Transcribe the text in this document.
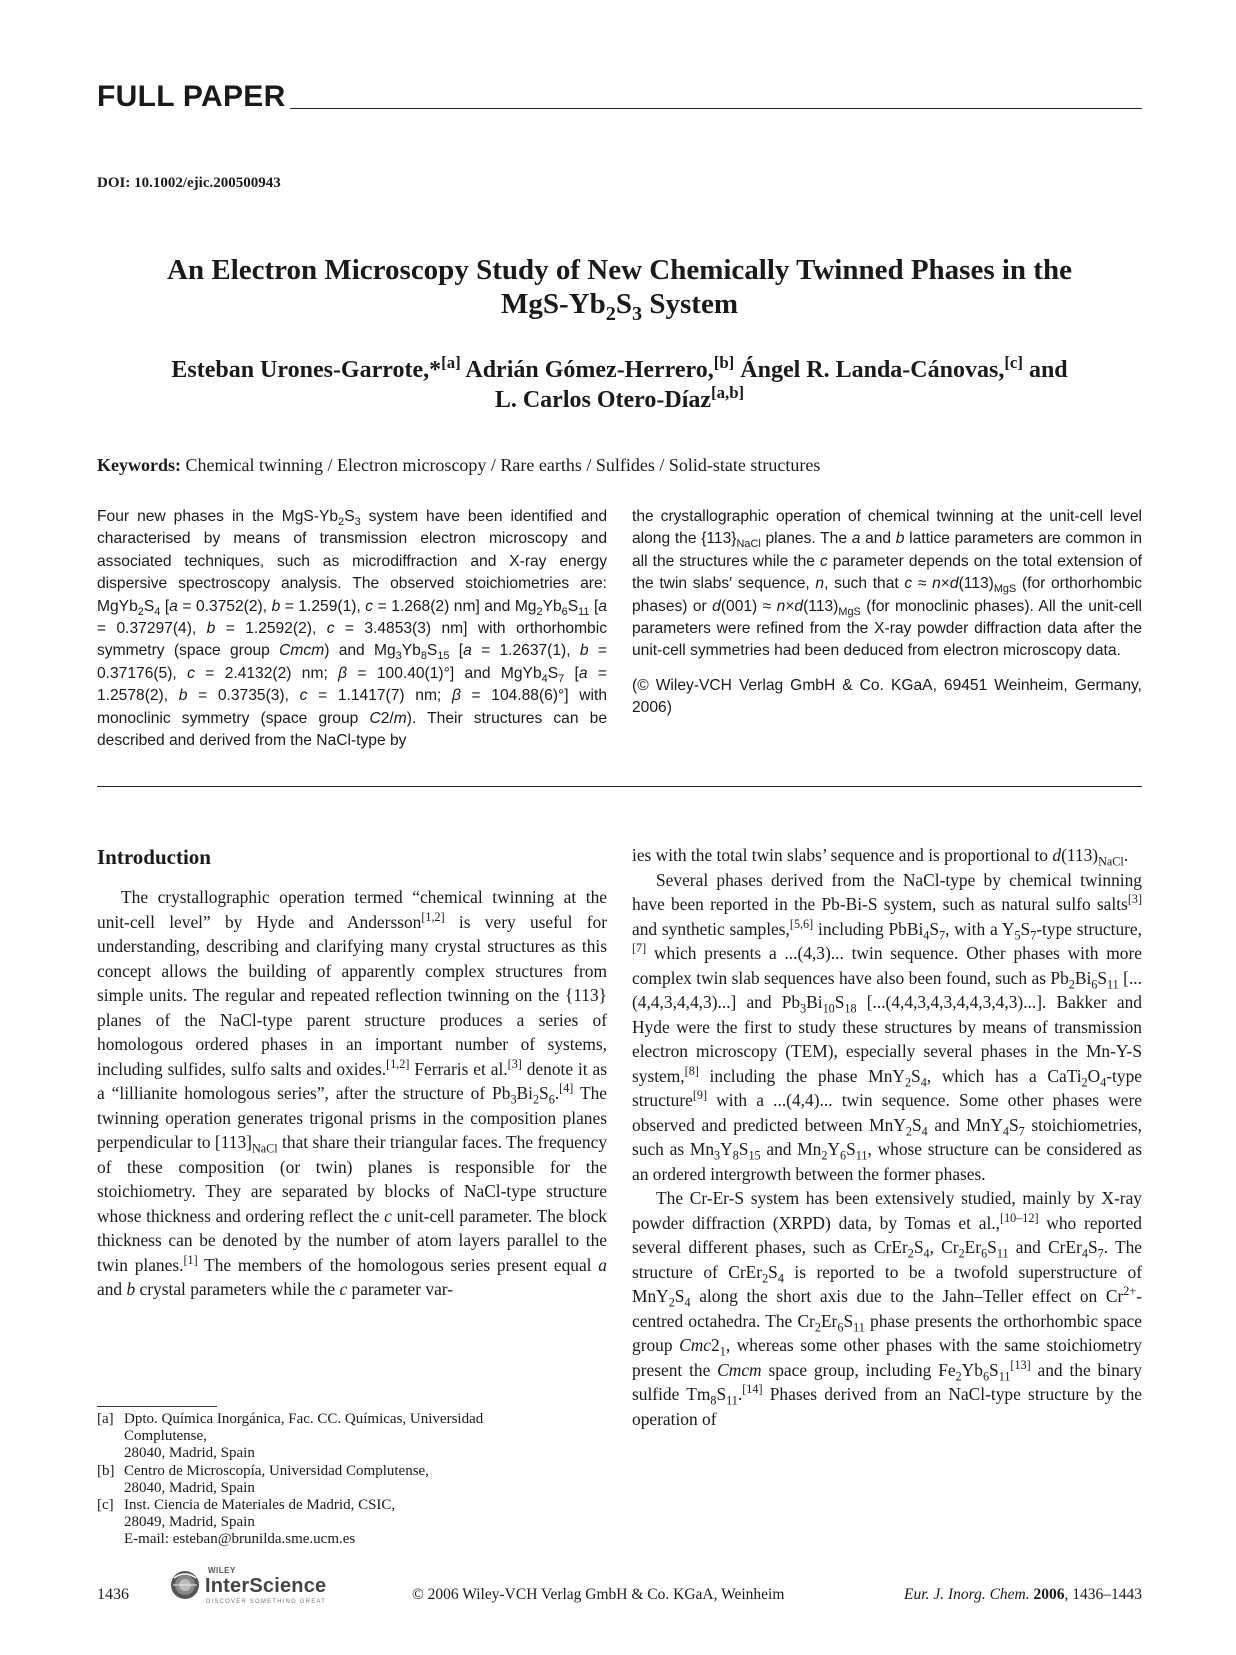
FULL PAPER
DOI: 10.1002/ejic.200500943
An Electron Microscopy Study of New Chemically Twinned Phases in the
MgS-$Yb_2S_3$ System
Esteban Urones-Garrote,*[a] Adrián Gómez-Herrero,[b] Ángel R. Landa-Cánovas,[c] and
L. Carlos Otero-Díaz[a,b]
Keywords: Chemical twinning / Electron microscopy / Rare earths / Sulfides / Solid-state structures
Four new phases in the MgS-$Yb_2S_3$ system have been identified and characterised by means of transmission electron microscopy and associated techniques, such as microdiffraction and X-ray energy dispersive spectroscopy analysis. The observed stoichiometries are: $MgYb_2S_4$ [a = 0.3752(2), b = 1.259(1), c = 1.268(2) nm] and $Mg_2Yb_6S_{11}$ [a = 0.37297(4), b = 1.2592(2), c = 3.4853(3) nm] with orthorhombic symmetry (space group Cmcm) and $Mg_3Yb_8S_{15}$ [a = 1.2637(1), b = 0.37176(5), c = 2.4132(2) nm; β = 100.40(1)°] and $MgYb_4S_7$ [a = 1.2578(2), b = 0.3735(3), c = 1.1417(7) nm; β = 104.88(6)°] with monoclinic symmetry (space group C2/m). Their structures can be described and derived from the NaCl-type by

the crystallographic operation of chemical twinning at the unit-cell level along the $\{113\}_{NaCl}$ planes. The a and b lattice parameters are common in all the structures while the c parameter depends on the total extension of the twin slabs′ sequence, n, such that $c \approx n\times d(113)_{MgS}$ (for orthorhombic phases) or $d(001) \approx n\times d(113)_{MgS}$ (for monoclinic phases). All the unit-cell parameters were refined from the X-ray powder diffraction data after the unit-cell symmetries had been deduced from electron microscopy data.

(© Wiley-VCH Verlag GmbH & Co. KGaA, 69451 Weinheim, Germany, 2006)

Introduction

The crystallographic operation termed “chemical twinning at the unit-cell level” by Hyde and Andersson[1,2] is very useful for understanding, describing and clarifying many crystal structures as this concept allows the building of apparently complex structures from simple units. The regular and repeated reflection twinning on the {113} planes of the NaCl-type parent structure produces a series of homologous ordered phases in an important number of systems, including sulfides, sulfo salts and oxides.[1,2] Ferraris et al.[3] denote it as a “lillianite homologous series”, after the structure of $Pb_3Bi_2S_6.[4]$ The twinning operation generates trigonal prisms in the composition planes perpendicular to $[113]_{NaCl}$ that share their triangular faces. The frequency of these composition (or twin) planes is responsible for the stoichiometry. They are separated by blocks of NaCl-type structure whose thickness and ordering reflect the c unit-cell parameter. The block thickness can be denoted by the number of atom layers parallel to the twin planes.[1] The members of the homologous series present equal a and b crystal parameters while the c parameter var-

ies with the total twin slabs’ sequence and is proportional to $d(113)_{NaCl}$.

Several phases derived from the NaCl-type by chemical twinning have been reported in the Pb-Bi-S system, such as natural sulfo salts[3] and synthetic samples,[5,6] including $PbBi_4S_7$, with a $Y_5S_7$-type structure,[7] which presents a ...(4,3)... twin sequence. Other phases with more complex twin slab sequences have also been found, such as $Pb_2Bi_6S_{11}$ [...(4,4,3,4,4,3)...] and $Pb_3Bi_{10}S_{18}$ [...(4,4,3,4,3,4,4,3,4,3)...]. Bakker and Hyde were the first to study these structures by means of transmission electron microscopy (TEM), especially several phases in the Mn-Y-S system,[8] including the phase $MnY_2S_4$, which has a $CaTi_2O_4$-type structure[9] with a ...(4,4)... twin sequence. Some other phases were observed and predicted between $MnY_2S_4$ and $MnY_4S_7$ stoichiometries, such as $Mn_3Y_8S_{15}$ and $Mn_2Y_6S_{11}$, whose structure can be considered as an ordered intergrowth between the former phases.

The Cr-Er-S system has been extensively studied, mainly by X-ray powder diffraction (XRPD) data, by Tomas et al.,[10–12] who reported several different phases, such as $CrEr_2S_4$, $Cr_2Er_6S_{11}$ and $CrEr_4S_7$. The structure of $CrEr_2S_4$ is reported to be a twofold superstructure of $MnY_2S_4$ along the short axis due to the Jahn–Teller effect on $Cr^{2+}$-centred octahedra. The $Cr_2Er_6S_{11}$ phase presents the orthorhombic space group $Cmc2_1$, whereas some other phases with the same stoichiometry present the Cmcm space group, including $Fe_2Yb_6S_{11}[13]$ and the binary sulfide $Tm_8S_{11}.[14]$ Phases derived from an NaCl-type structure by the operation of

[a] Dpto. Química Inorgánica, Fac. CC. Químicas, Universidad
Complutense,
28040, Madrid, Spain
[b] Centro de Microscopía, Universidad Complutense,
28040, Madrid, Spain
[c] Inst. Ciencia de Materiales de Madrid, CSIC,
28049, Madrid, Spain
E-mail: esteban@brunilda.sme.ucm.es
1436
WILEY
InterScience
DISCOVER SOMETHING GREAT	© 2006 Wiley-VCH Verlag GmbH & Co. KGaA, Weinheim	Eur. J. Inorg. Chem. 2006, 1436–1443
